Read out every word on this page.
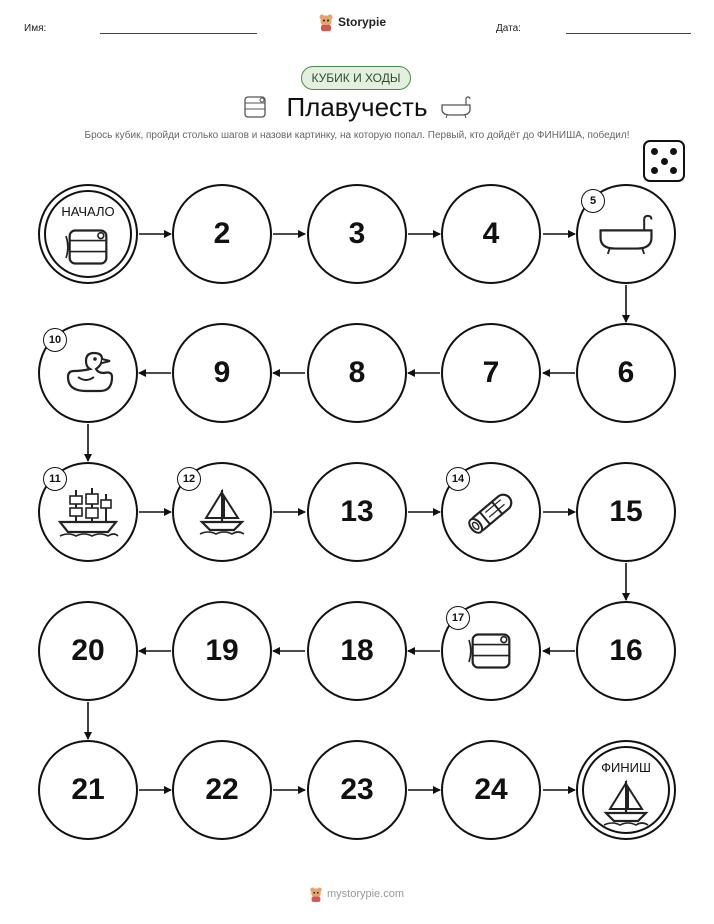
Имя:	Storypie	Дата:
КУБИК И ХОДЫ
Плавучесть
Брось кубик, пройди столько шагов и назови картинку, на которую попал. Первый, кто дойдёт до ФИНИША, победил!
НАЧАЛО
2	3	4
5
6
7
8
9
10
11	12
13
14
15
16
17
18
19
20
21	22	23	24
ФИНИШ
mystorypie.com
